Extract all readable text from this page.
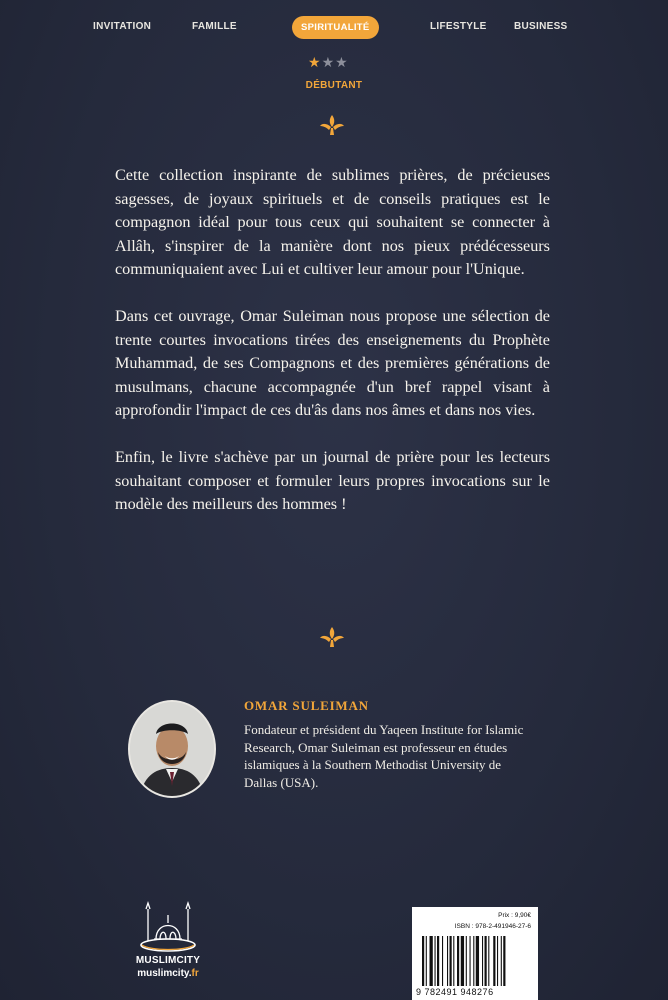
INVITATION	FAMILLE	SPIRITUALITÉ	LIFESTYLE	BUSINESS
★★★
DÉBUTANT

Cette collection inspirante de sublimes prières, de précieuses sagesses, de joyaux spirituels et de conseils pratiques est le compagnon idéal pour tous ceux qui souhaitent se connecter à Allâh, s'inspirer de la manière dont nos pieux prédécesseurs communiquaient avec Lui et cultiver leur amour pour l'Unique.

Dans cet ouvrage, Omar Suleiman nous propose une sélection de trente courtes invocations tirées des enseignements du Prophète Muhammad, de ses Compagnons et des premières générations de musulmans, chacune accompagnée d'un bref rappel visant à approfondir l'impact de ces du'âs dans nos âmes et dans nos vies.

Enfin, le livre s'achève par un journal de prière pour les lecteurs souhaitant composer et formuler leurs propres invocations sur le modèle des meilleurs des hommes !

OMAR SULEIMAN
Fondateur et président du Yaqeen Institute for Islamic Research, Omar Suleiman est professeur en études islamiques à la Southern Methodist University de Dallas (USA).
MUSLIMCITY
muslimcity.fr
Prix : 9,90€
ISBN : 978-2-491946-27-6
9 782491 948276
